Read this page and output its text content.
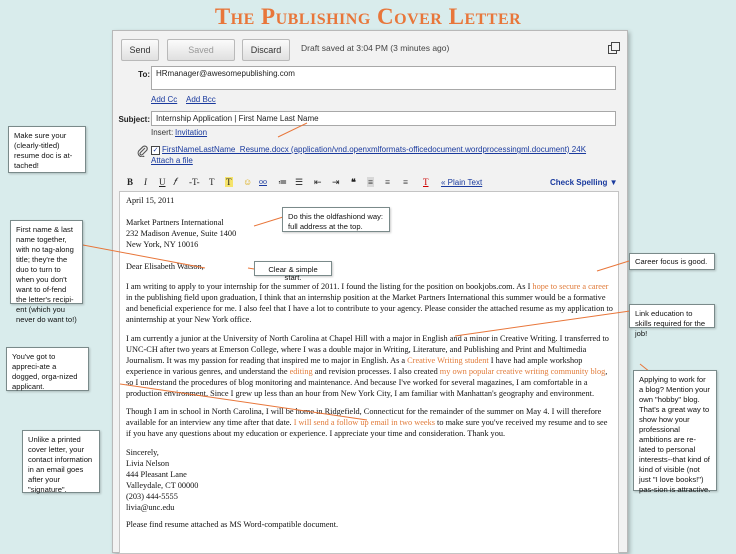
The Publishing Cover Letter
Send	Saved	Discard	Draft saved at 3:04 PM (3 minutes ago)
To: HRmanager@awesomepublishing.com
Add Cc Add Bcc
Subject: Internship Application | First Name Last Name
Insert: Invitation
✓ FirstNameLastName_Resume.docx (application/vnd.openxmlformats-officedocument.wordprocessingml.document) 24K
Attach a file
B I U 𝑓 -T- T T ☺ oo ≔ ☰ ⇤ ⇥ ❝ ≡ ≡ ≡ T « Plain Text	Check Spelling ▼
April 15, 2011
Market Partners International
232 Madison Avenue, Suite 1400
New York, NY 10016
Dear Elisabeth Watson,
I am writing to apply to your internship for the summer of 2011. I found the listing for the position on bookjobs.com. As I hope to secure a career in the publishing field upon graduation, I think that an internship position at the Market Partners International this summer would be a formative and beneficial experience for me. I also feel that I have a lot to contribute to your agency. Please consider the attached resume as my application to aninternship at your New York office.
I am currently a junior at the University of North Carolina at Chapel Hill with a major in English and a minor in Creative Writing. I transferred to UNC-CH after two years at Emerson College, where I was a double major in Writing, Literature, and Publishing and Print and Multimedia Journalism. It was my passion for reading that inspired me to major in English. As a Creative Writing student I have had ample workshop experience in various genres, and understand the editing and revision processes. I also created my own popular creative writing community blog, so I understand the procedures of blog monitoring and maintenance. And because I've worked for several magazines, I am comfortable in a production environment. Since I grew up less than an hour from New York City, I am familiar with Manhattan's geography and environment.
Though I am in school in North Carolina, I will be home in Ridgefield, Connecticut for the remainder of the summer on May 4. I will therefore available for an interview any time after that date. I will send a follow up email in two weeks to make sure you've received my resume and to see if you have any questions about my education or experience. I appreciate your time and consideration. Thank you.
Sincerely,
Livia Nelson
444 Pleasant Lane
Valleydale, CT 00000
(203) 444-5555
livia@unc.edu
Please find resume attached as MS Word-compatible document.
Make sure your (clearly-titled) resume doc is at-tached!
First name & last name together, with no tag-along title; they're the duo to turn to when you don't want to of-fend the letter's recipi-ent (which you never do want to!)
You've got to appreci-ate a dogged, orga-nized applicant.
Unlike a printed cover letter, your contact information in an email goes after your "signature".
Do this the oldfashiond way: full address at the top.
Clear & simple start.
Career focus is good.
Link education to skills required for the job!
Applying to work for a blog? Mention your own "hobby" blog. That's a great way to show how your professional ambitions are re-lated to personal interests--that kind of kind of visible (not just "I love books!") pas-sion is attractive.
